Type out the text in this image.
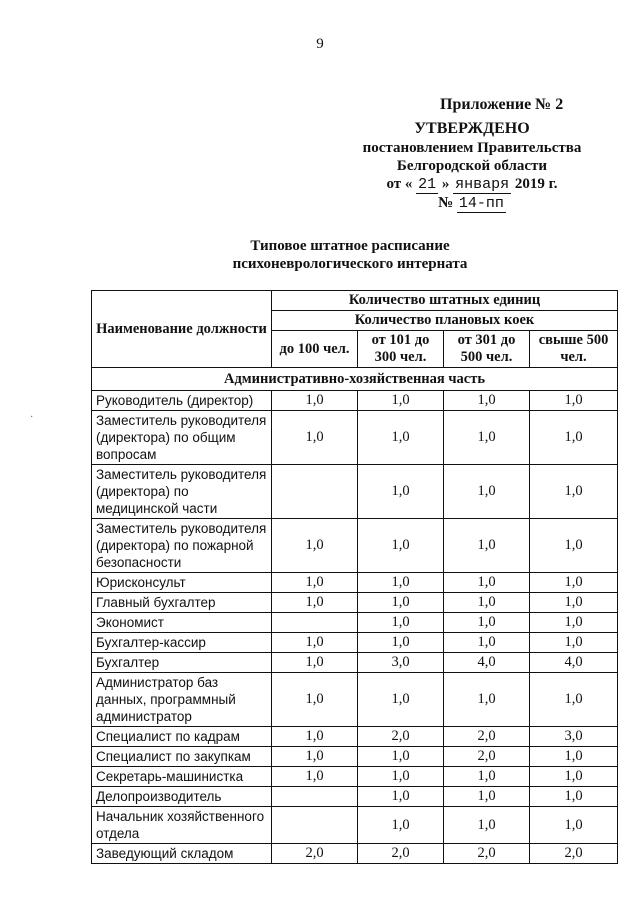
9
Приложение № 2
УТВЕРЖДЕНО
постановлением Правительства
Белгородской области
от « 21 » января 2019 г.
№ 14-пп
Типовое штатное расписание
психоневрологического интерната
Наименование должности	Количество штатных единиц			
	Количество плановых коек			
	до 100 чел.	от 101 до 300 чел.	от 301 до 500 чел.	свыше 500 чел.
Административно-хозяйственная часть				
Руководитель (директор)	1,0	1,0	1,0	1,0
Заместитель руководителя (директора) по общим вопросам	1,0	1,0	1,0	1,0
Заместитель руководителя (директора) по медицинской части		1,0	1,0	1,0
Заместитель руководителя (директора) по пожарной безопасности	1,0	1,0	1,0	1,0
Юрисконсульт	1,0	1,0	1,0	1,0
Главный бухгалтер	1,0	1,0	1,0	1,0
Экономист		1,0	1,0	1,0
Бухгалтер-кассир	1,0	1,0	1,0	1,0
Бухгалтер	1,0	3,0	4,0	4,0
Администратор баз данных, программный администратор	1,0	1,0	1,0	1,0
Специалист по кадрам	1,0	2,0	2,0	3,0
Специалист по закупкам	1,0	1,0	2,0	1,0
Секретарь-машинистка	1,0	1,0	1,0	1,0
Делопроизводитель		1,0	1,0	1,0
Начальник хозяйственного отдела		1,0	1,0	1,0
Заведующий складом	2,0	2,0	2,0	2,0
·
